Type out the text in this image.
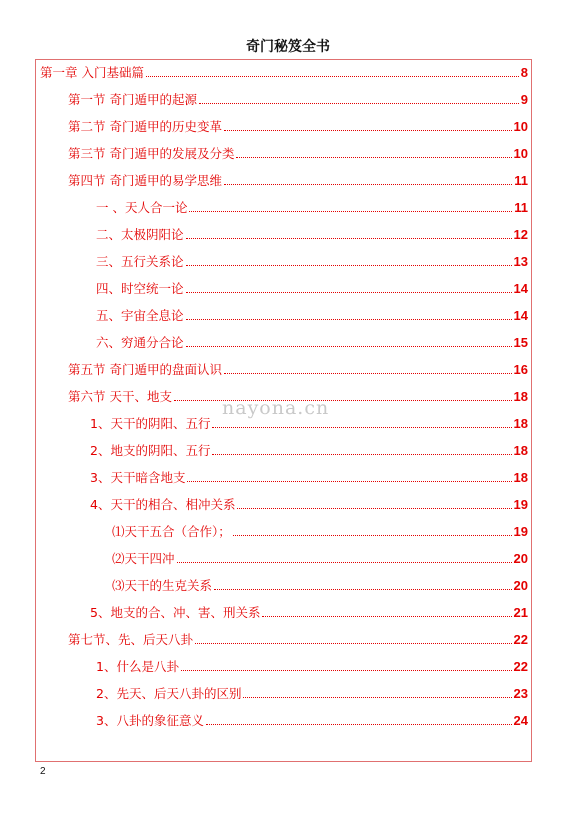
奇门秘笈全书
第一章 入门基础篇	8
第一节 奇门遁甲的起源	9
第二节 奇门遁甲的历史变革	10
第三节 奇门遁甲的发展及分类	10
第四节 奇门遁甲的易学思维	11
一 、天人合一论	11
二、太极阴阳论	12
三、五行关系论	13
四、时空统一论	14
五、宇宙全息论	14
六、穷通分合论	15
第五节 奇门遁甲的盘面认识	16
第六节 天干、地支	18
1、天干的阴阳、五行	18
2、地支的阴阳、五行	18
3、天干暗含地支	18
4、天干的相合、相冲关系	19
⑴天干五合（合作）；	19
⑵天干四冲	20
⑶天干的生克关系	20
5、地支的合、冲、害、刑关系	21
第七节、先、后天八卦	22
1、什么是八卦	22
2、先天、后天八卦的区别	23
3、八卦的象征意义	24
nayona.cn
2
